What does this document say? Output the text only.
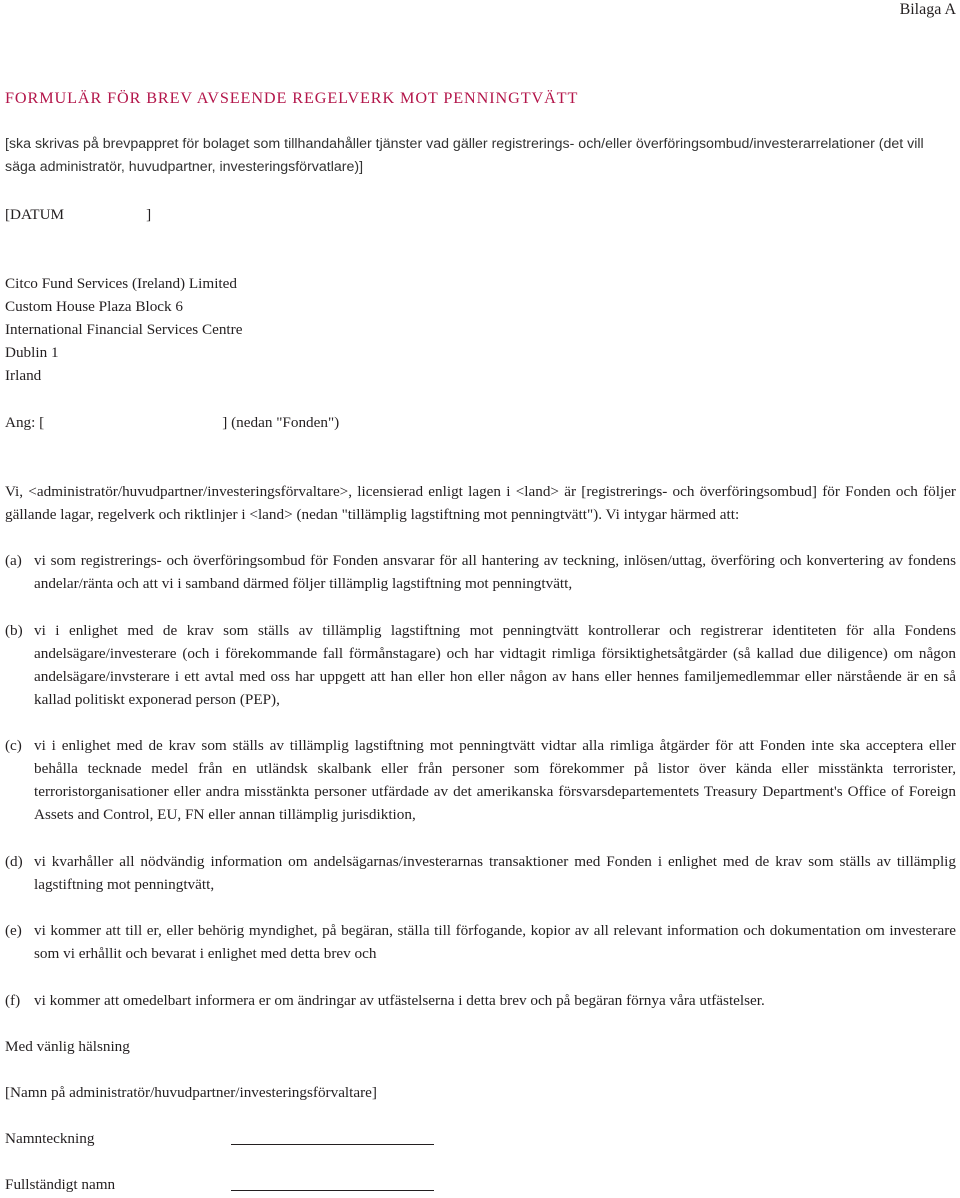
Bilaga A
FORMULÄR FÖR BREV AVSEENDE REGELVERK MOT PENNINGTVÄTT
[ska skrivas på brevpappret för bolaget som tillhandahåller tjänster vad gäller registrerings- och/eller överföringsombud/investerarrelationer (det vill säga administratör, huvudpartner, investeringsförvatlare)]
[DATUM	]
Citco Fund Services (Ireland) Limited
Custom House Plaza Block 6
International Financial Services Centre
Dublin 1
Irland
Ang: [	] (nedan "Fonden")
Vi, <administratör/huvudpartner/investeringsförvaltare>, licensierad enligt lagen i <land> är [registrerings- och överföringsombud] för Fonden och följer gällande lagar, regelverk och riktlinjer i <land> (nedan "tillämplig lagstiftning mot penningtvätt"). Vi intygar härmed att:
(a) vi som registrerings- och överföringsombud för Fonden ansvarar för all hantering av teckning, inlösen/uttag, överföring och konvertering av fondens andelar/ränta och att vi i samband därmed följer tillämplig lagstiftning mot penningtvätt,
(b) vi i enlighet med de krav som ställs av tillämplig lagstiftning mot penningtvätt kontrollerar och registrerar identiteten för alla Fondens andelsägare/investerare (och i förekommande fall förmånstagare) och har vidtagit rimliga försiktighetsåtgärder (så kallad due diligence) om någon andelsägare/invsterare i ett avtal med oss har uppgett att han eller hon eller någon av hans eller hennes familjemedlemmar eller närstående är en så kallad politiskt exponerad person (PEP),
(c) vi i enlighet med de krav som ställs av tillämplig lagstiftning mot penningtvätt vidtar alla rimliga åtgärder för att Fonden inte ska acceptera eller behålla tecknade medel från en utländsk skalbank eller från personer som förekommer på listor över kända eller misstänkta terrorister, terroristorganisationer eller andra misstänkta personer utfärdade av det amerikanska försvarsdepartementets Treasury Department's Office of Foreign Assets and Control, EU, FN eller annan tillämplig jurisdiktion,
(d) vi kvarhåller all nödvändig information om andelsägarnas/investerarnas transaktioner med Fonden i enlighet med de krav som ställs av tillämplig lagstiftning mot penningtvätt,
(e) vi kommer att till er, eller behörig myndighet, på begäran, ställa till förfogande, kopior av all relevant information och dokumentation om investerare som vi erhållit och bevarat i enlighet med detta brev och
(f) vi kommer att omedelbart informera er om ändringar av utfästelserna i detta brev och på begäran förnya våra utfästelser.
Med vänlig hälsning
[Namn på administratör/huvudpartner/investeringsförvaltare]
Namnteckning
Fullständigt namn
